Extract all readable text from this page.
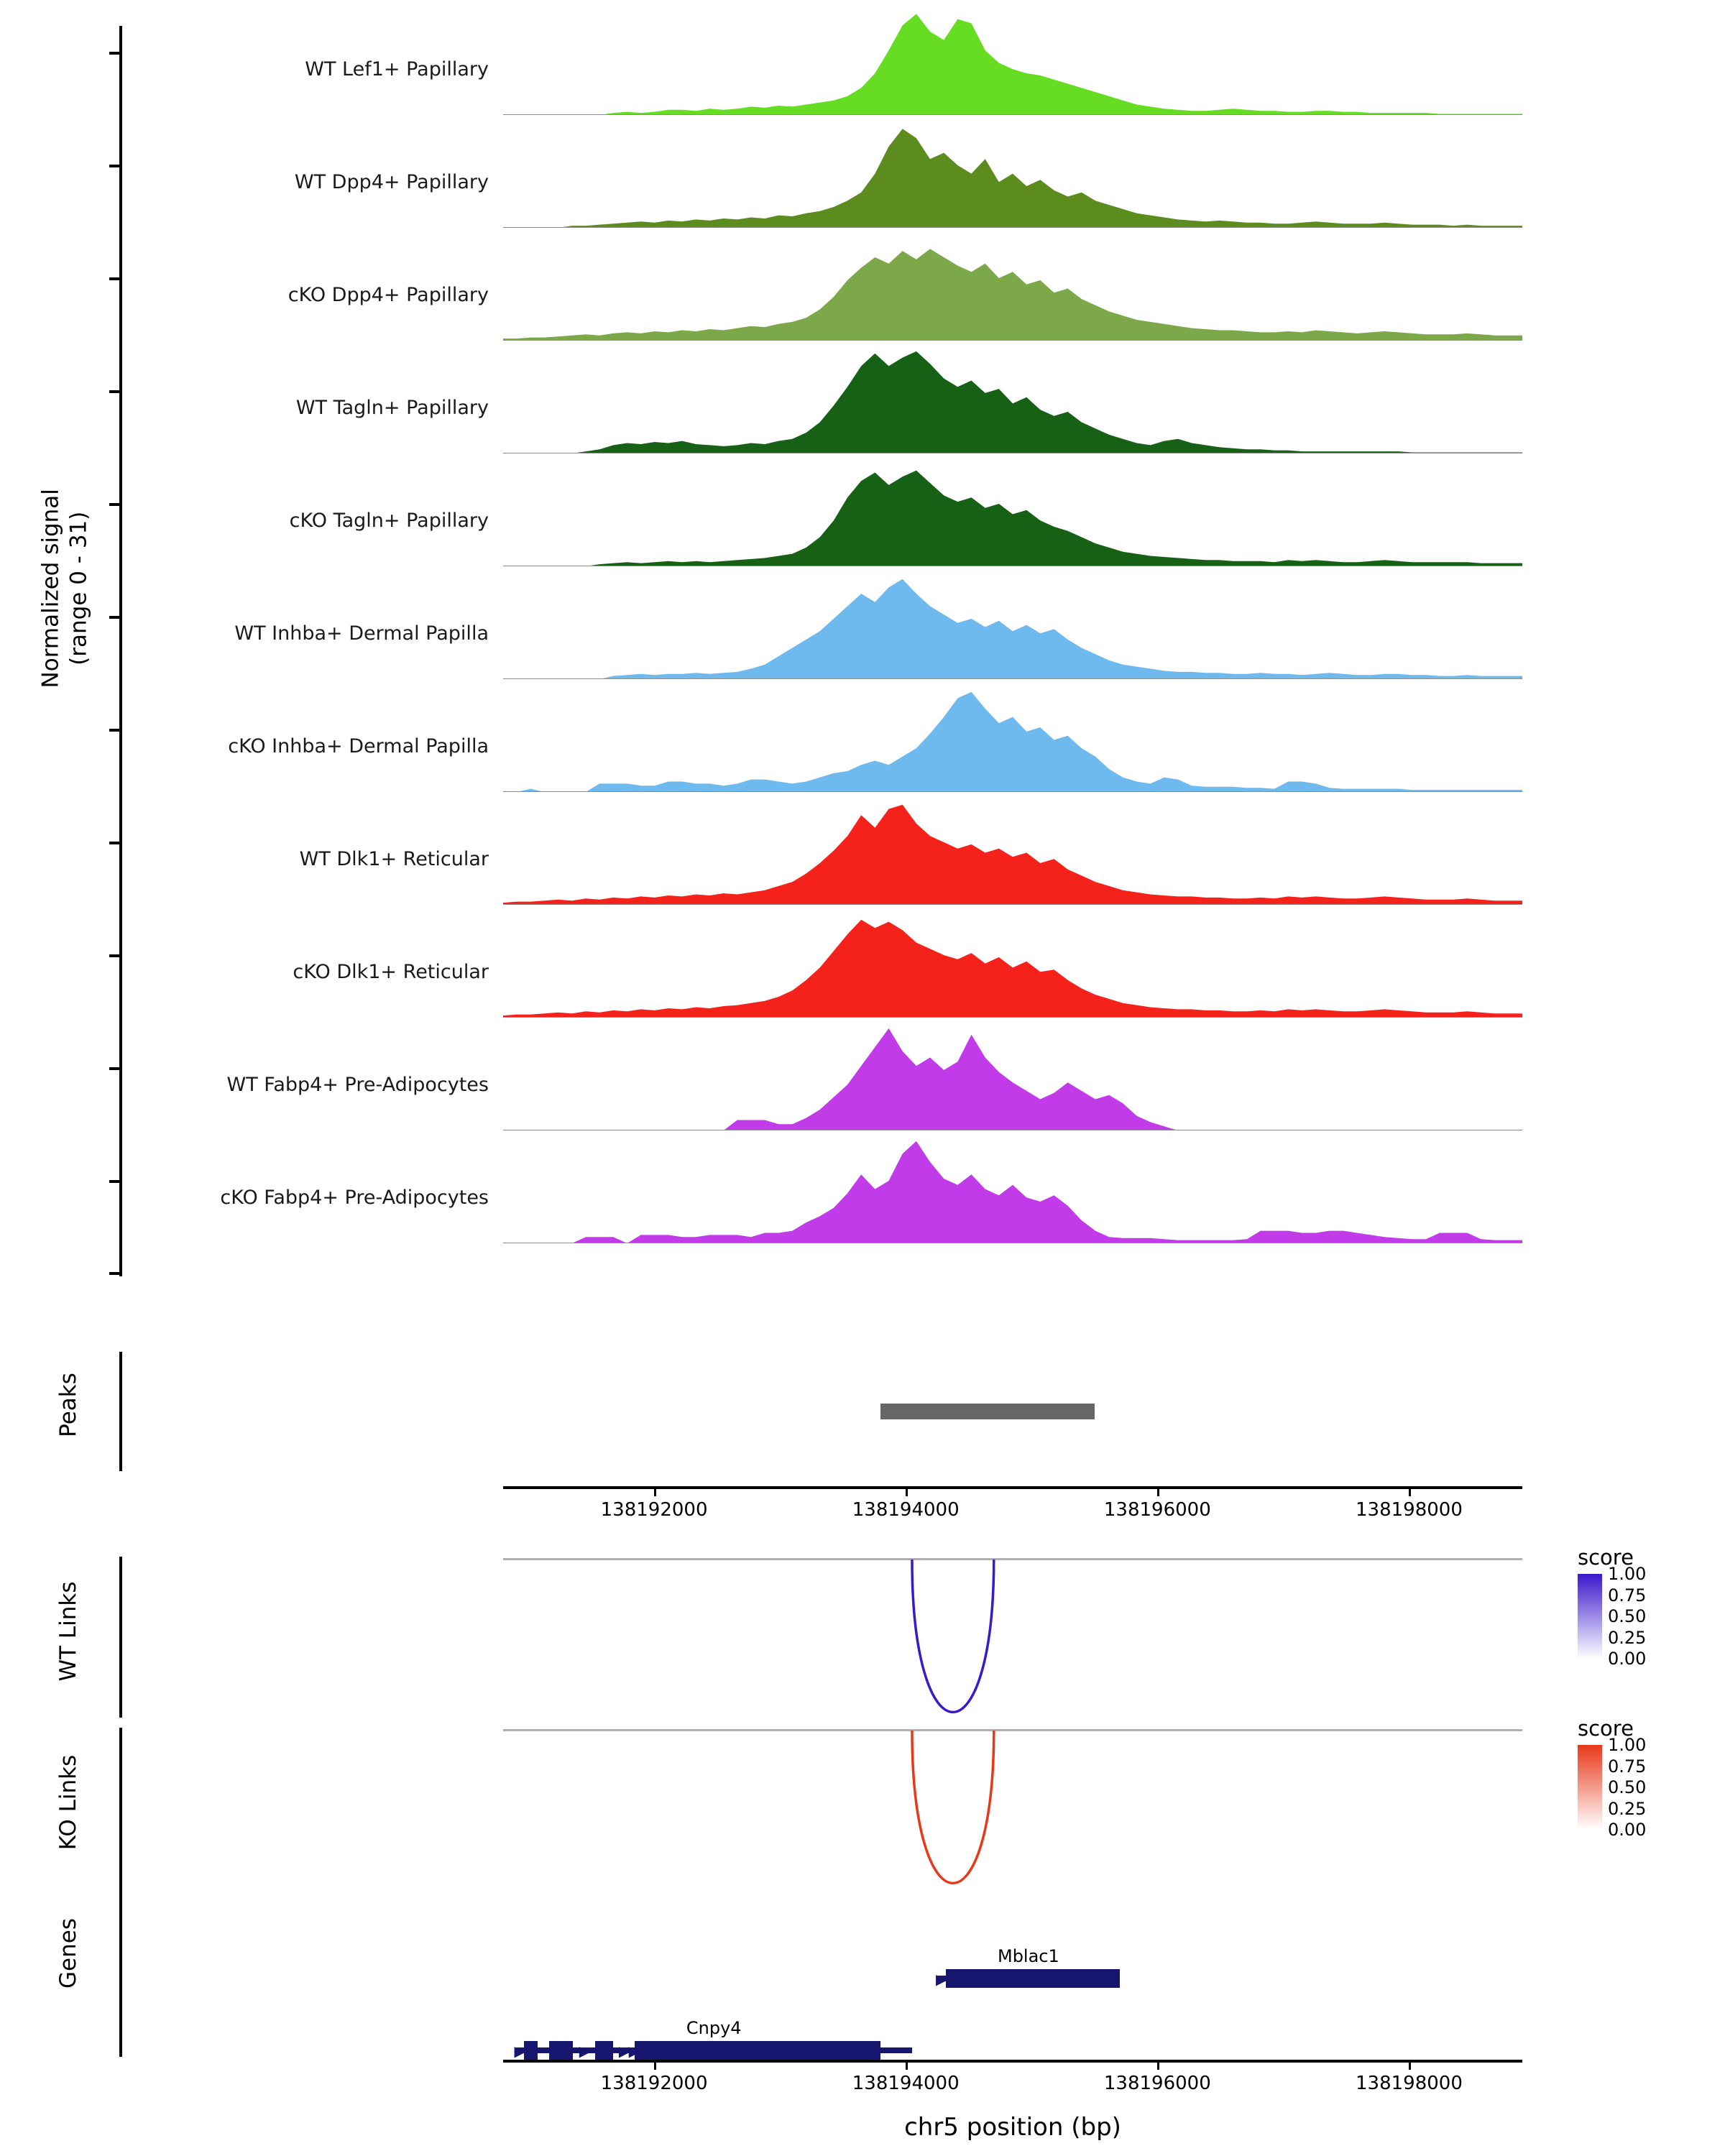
Normalized signal (range 0 - 31)
WT Lef1+ Papillary
WT Dpp4+ Papillary
cKO Dpp4+ Papillary
WT Tagln+ Papillary
cKO Tagln+ Papillary
WT Inhba+ Dermal Papilla
cKO Inhba+ Dermal Papilla
WT Dlk1+ Reticular
cKO Dlk1+ Reticular
WT Fabp4+ Pre-Adipocytes
cKO Fabp4+ Pre-Adipocytes
Peaks
138192000	138194000	138196000	138198000
WT Links
score
1.00
0.75
0.50
0.25
0.00
KO Links
score
1.00
0.75
0.50
0.25
0.00
Genes	▶
Mblac1
▶ ▶ ▶
▶
▶
Cnpy4
138192000	138194000	138196000	138198000
chr5 position (bp)
